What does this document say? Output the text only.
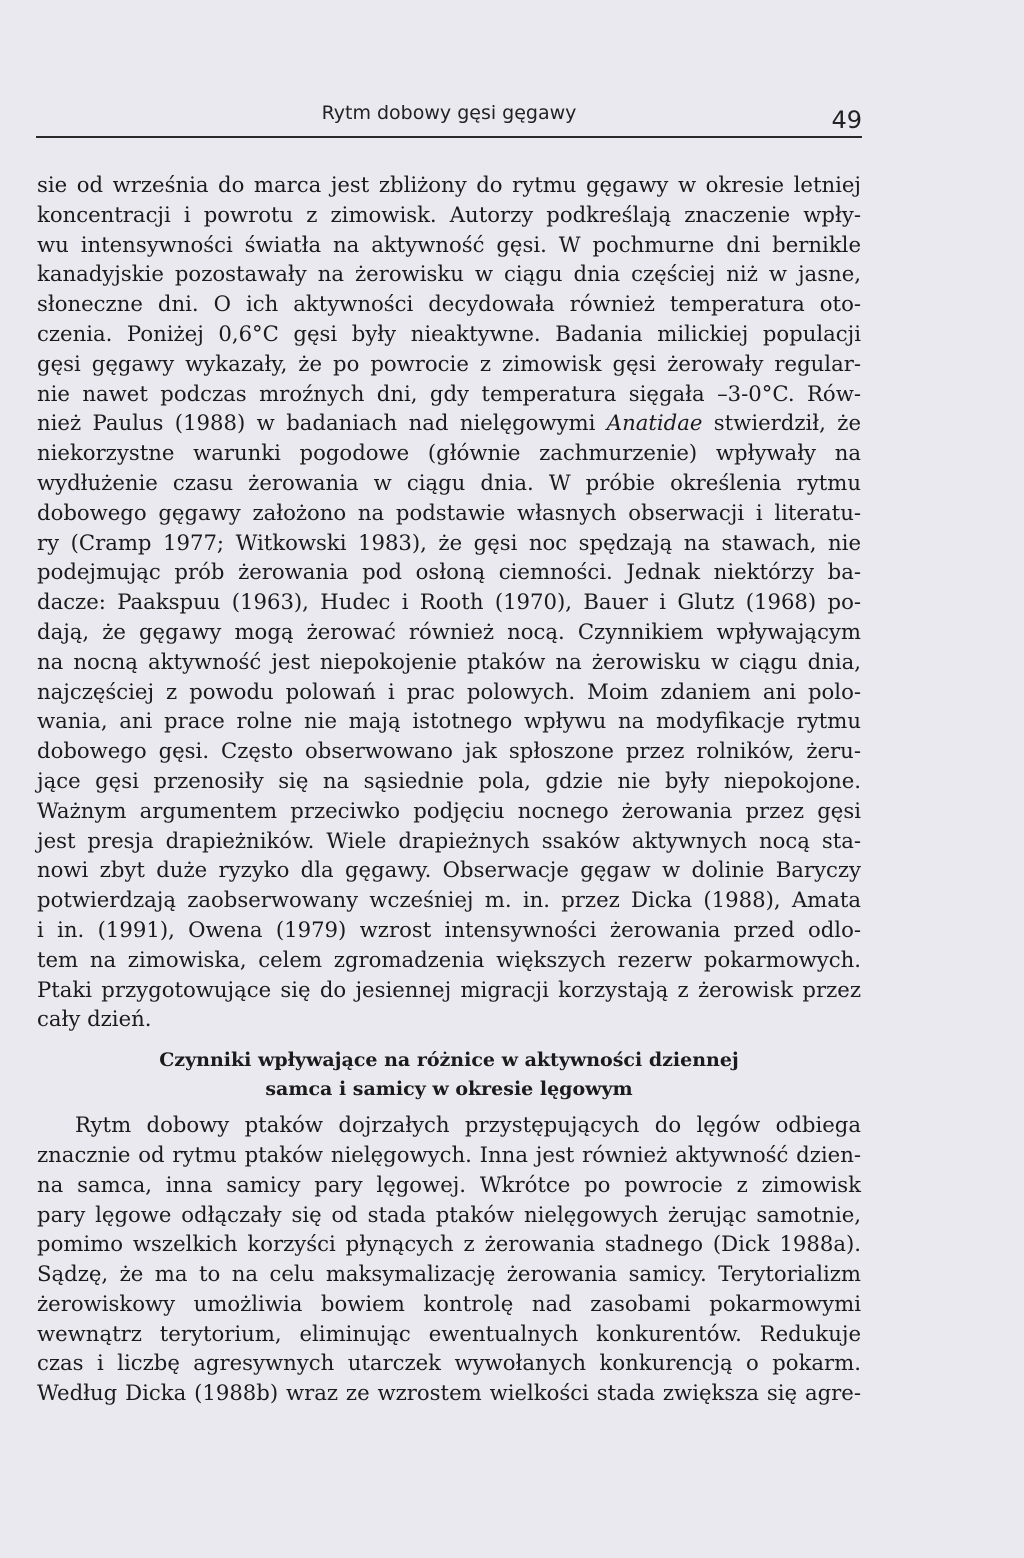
Rytm dobowy gęsi gęgawy	49
sie od września do marca jest zbliżony do rytmu gęgawy w okresie letniej
koncentracji i powrotu z zimowisk. Autorzy podkreślają znaczenie wpły-
wu intensywności światła na aktywność gęsi. W pochmurne dni bernikle
kanadyjskie pozostawały na żerowisku w ciągu dnia częściej niż w jasne,
słoneczne dni. O ich aktywności decydowała również temperatura oto-
czenia. Poniżej 0,6°C gęsi były nieaktywne. Badania milickiej populacji
gęsi gęgawy wykazały, że po powrocie z zimowisk gęsi żerowały regular-
nie nawet podczas mroźnych dni, gdy temperatura sięgała –3-0°C. Rów-
nież Paulus (1988) w badaniach nad nielęgowymi Anatidae stwierdził, że
niekorzystne warunki pogodowe (głównie zachmurzenie) wpływały na
wydłużenie czasu żerowania w ciągu dnia. W próbie określenia rytmu
dobowego gęgawy założono na podstawie własnych obserwacji i literatu-
ry (Cramp 1977; Witkowski 1983), że gęsi noc spędzają na stawach, nie
podejmując prób żerowania pod osłoną ciemności. Jednak niektórzy ba-
dacze: Paakspuu (1963), Hudec i Rooth (1970), Bauer i Glutz (1968) po-
dają, że gęgawy mogą żerować również nocą. Czynnikiem wpływającym
na nocną aktywność jest niepokojenie ptaków na żerowisku w ciągu dnia,
najczęściej z powodu polowań i prac polowych. Moim zdaniem ani polo-
wania, ani prace rolne nie mają istotnego wpływu na modyfikacje rytmu
dobowego gęsi. Często obserwowano jak spłoszone przez rolników, żeru-
jące gęsi przenosiły się na sąsiednie pola, gdzie nie były niepokojone.
Ważnym argumentem przeciwko podjęciu nocnego żerowania przez gęsi
jest presja drapieżników. Wiele drapieżnych ssaków aktywnych nocą sta-
nowi zbyt duże ryzyko dla gęgawy. Obserwacje gęgaw w dolinie Baryczy
potwierdzają zaobserwowany wcześniej m. in. przez Dicka (1988), Amata
i in. (1991), Owena (1979) wzrost intensywności żerowania przed odlo-
tem na zimowiska, celem zgromadzenia większych rezerw pokarmowych.
Ptaki przygotowujące się do jesiennej migracji korzystają z żerowisk przez
cały dzień.
Czynniki wpływające na różnice w aktywności dziennej
samca i samicy w okresie lęgowym
Rytm dobowy ptaków dojrzałych przystępujących do lęgów odbiega
znacznie od rytmu ptaków nielęgowych. Inna jest również aktywność dzien-
na samca, inna samicy pary lęgowej. Wkrótce po powrocie z zimowisk
pary lęgowe odłączały się od stada ptaków nielęgowych żerując samotnie,
pomimo wszelkich korzyści płynących z żerowania stadnego (Dick 1988a).
Sądzę, że ma to na celu maksymalizację żerowania samicy. Terytorializm
żerowiskowy umożliwia bowiem kontrolę nad zasobami pokarmowymi
wewnątrz terytorium, eliminując ewentualnych konkurentów. Redukuje
czas i liczbę agresywnych utarczek wywołanych konkurencją o pokarm.
Według Dicka (1988b) wraz ze wzrostem wielkości stada zwiększa się agre-
